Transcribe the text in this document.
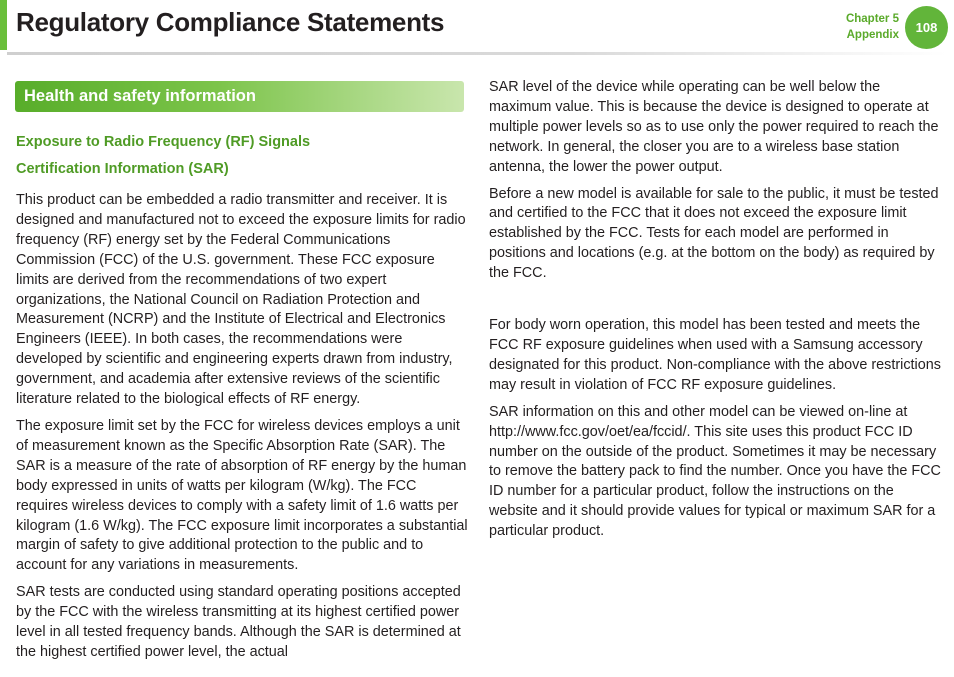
Regulatory Compliance Statements	Chapter 5
Appendix	108
Health and safety information
Exposure to Radio Frequency (RF) Signals
Certification Information (SAR)

This product can be embedded a radio transmitter and receiver. It is designed and manufactured not to exceed the exposure limits for radio frequency (RF) energy set by the Federal Communications Commission (FCC) of the U.S. government. These FCC exposure limits are derived from the recommendations of two expert organizations, the National Council on Radiation Protection and Measurement (NCRP) and the Institute of Electrical and Electronics Engineers (IEEE). In both cases, the recommendations were developed by scientific and engineering experts drawn from industry, government, and academia after extensive reviews of the scientific literature related to the biological effects of RF energy.

The exposure limit set by the FCC for wireless devices employs a unit of measurement known as the Specific Absorption Rate (SAR). The SAR is a measure of the rate of absorption of RF energy by the human body expressed in units of watts per kilogram (W/kg). The FCC requires wireless devices to comply with a safety limit of 1.6 watts per kilogram (1.6 W/kg). The FCC exposure limit incorporates a substantial margin of safety to give additional protection to the public and to account for any variations in measurements.

SAR tests are conducted using standard operating positions accepted by the FCC with the wireless transmitting at its highest certified power level in all tested frequency bands. Although the SAR is determined at the highest certified power level, the actual

SAR level of the device while operating can be well below the maximum value. This is because the device is designed to operate at multiple power levels so as to use only the power required to reach the network. In general, the closer you are to a wireless base station antenna, the lower the power output.

Before a new model is available for sale to the public, it must be tested and certified to the FCC that it does not exceed the exposure limit established by the FCC. Tests for each model are performed in positions and locations (e.g. at the bottom on the body) as required by the FCC.

For body worn operation, this model has been tested and meets the FCC RF exposure guidelines when used with a Samsung accessory designated for this product. Non-compliance with the above restrictions may result in violation of FCC RF exposure guidelines.

SAR information on this and other model can be viewed on-line at http://www.fcc.gov/oet/ea/fccid/. This site uses this product FCC ID number on the outside of the product. Sometimes it may be necessary to remove the battery pack to find the number. Once you have the FCC ID number for a particular product, follow the instructions on the website and it should provide values for typical or maximum SAR for a particular product.
